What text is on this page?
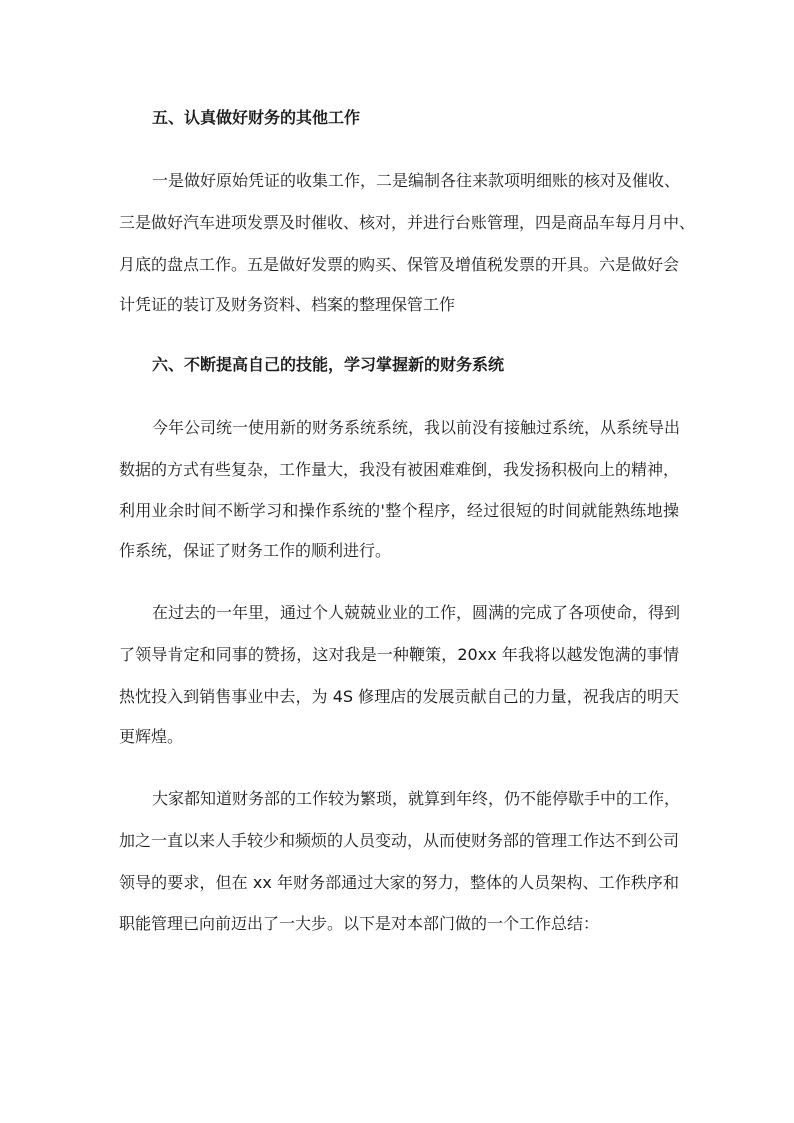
五、认真做好财务的其他工作
一是做好原始凭证的收集工作，二是编制各往来款项明细账的核对及催收、
三是做好汽车进项发票及时催收、核对，并进行台账管理，四是商品车每月月中、
月底的盘点工作。五是做好发票的购买、保管及增值税发票的开具。六是做好会
计凭证的装订及财务资料、档案的整理保管工作
六、不断提高自己的技能，学习掌握新的财务系统
今年公司统一使用新的财务系统系统，我以前没有接触过系统，从系统导出
数据的方式有些复杂，工作量大，我没有被困难难倒，我发扬积极向上的精神，
利用业余时间不断学习和操作系统的'整个程序，经过很短的时间就能熟练地操
作系统，保证了财务工作的顺利进行。
在过去的一年里，通过个人兢兢业业的工作，圆满的完成了各项使命，得到
了领导肯定和同事的赞扬，这对我是一种鞭策，20xx 年我将以越发饱满的事情
热忱投入到销售事业中去，为 4S 修理店的发展贡献自己的力量，祝我店的明天
更辉煌。
大家都知道财务部的工作较为繁琐，就算到年终，仍不能停歇手中的工作，
加之一直以来人手较少和频烦的人员变动，从而使财务部的管理工作达不到公司
领导的要求，但在 xx 年财务部通过大家的努力，整体的人员架构、工作秩序和
职能管理已向前迈出了一大步。以下是对本部门做的一个工作总结：
